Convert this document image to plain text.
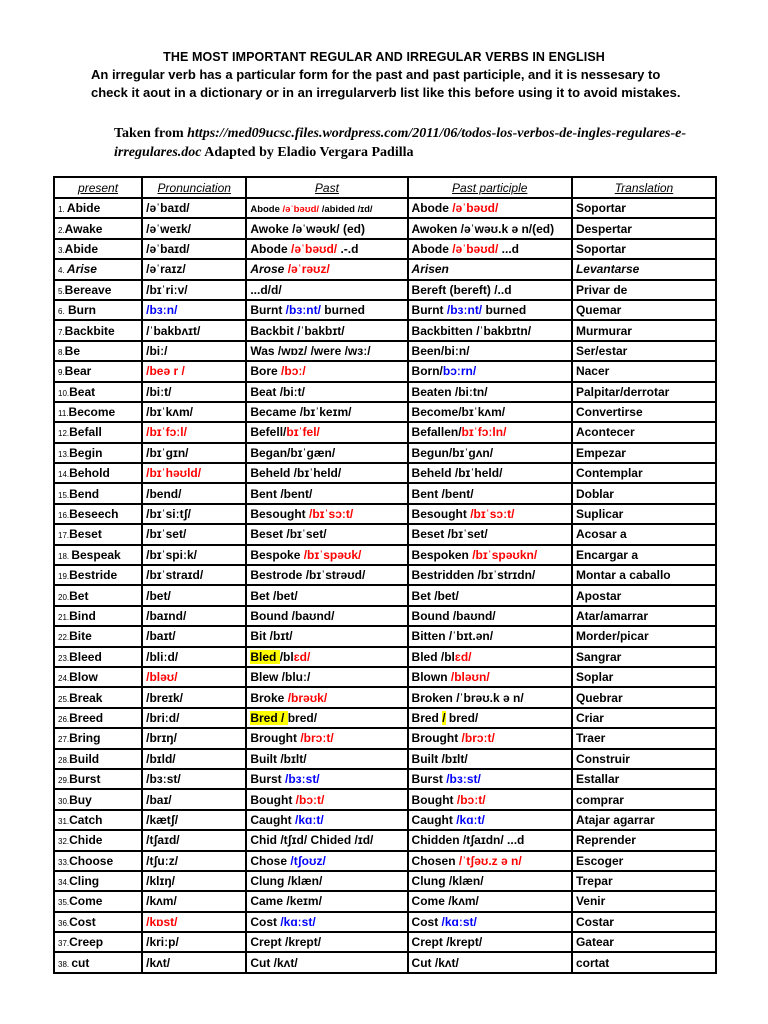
THE MOST IMPORTANT REGULAR AND IRREGULAR VERBS IN ENGLISH
An irregular verb has a particular form for the past and past participle, and it is nessesary to check it aout in a dictionary or in an irregularverb list like this before using it to avoid mistakes.
Taken from https://med09ucsc.files.wordpress.com/2011/06/todos-los-verbos-de-ingles-regulares-e-irregulares.doc Adapted by Eladio Vergara Padilla
present	Pronunciation	Past	Past participle	Translation
1. Abide	/əˈbaɪd/	Abode /əˈbəʊd/ /abided /ɪd/	Abode /əˈbəʊd/	Soportar
2.Awake	/əˈweɪk/	Awoke /əˈwəʊk/ (ed)	Awoken /əˈwəʊ.k ə n/(ed)	Despertar
3.Abide	/əˈbaɪd/	Abode /əˈbəʊd/ .-.d	Abode /əˈbəʊd/ ...d	Soportar
4. Arise	/əˈraɪz/	Arose /əˈrəʊz/	Arisen	Levantarse
5.Bereave	/bɪˈriːv/	...d/d/	Bereft (bereft) /..d	Privar de
6. Burn	/bɜːn/	Burnt /bɜːnt/ burned	Burnt /bɜːnt/ burned	Quemar
7.Backbite	/ˈbakbʌɪt/	Backbit /ˈbakbɪt/	Backbitten /ˈbakbɪtn/	Murmurar
8.Be	/biː/	Was /wɒz/ /were /wɜː/	Been/biːn/	Ser/estar
9.Bear	/beə r /	Bore /bɔː/	Born/bɔːrn/	Nacer
10.Beat	/biːt/	Beat /biːt/	Beaten /biːtn/	Palpitar/derrotar
11.Become	/bɪˈkʌm/	Became /bɪˈkeɪm/	Become/bɪˈkʌm/	Convertirse
12.Befall	/bɪˈfɔːl/	Befell/bɪˈfel/	Befallen/bɪˈfɔːln/	Acontecer
13.Begin	/bɪˈɡɪn/	Began/bɪˈɡæn/	Begun/bɪˈɡʌn/	Empezar
14.Behold	/bɪˈhəʊld/	Beheld /bɪˈheld/	Beheld /bɪˈheld/	Contemplar
15.Bend	/bend/	Bent /bent/	Bent /bent/	Doblar
16.Beseech	/bɪˈsiːtʃ/	Besought /bɪˈsɔːt/	Besought /bɪˈsɔːt/	Suplicar
17.Beset	/bɪˈset/	Beset /bɪˈset/	Beset /bɪˈset/	Acosar a
18. Bespeak	/bɪˈspiːk/	Bespoke /bɪˈspəʊk/	Bespoken /bɪˈspəʊkn/	Encargar a
19.Bestride	/bɪˈstraɪd/	Bestrode /bɪˈstrəʊd/	Bestridden /bɪˈstrɪdn/	Montar a caballo
20.Bet	/bet/	Bet /bet/	Bet /bet/	Apostar
21.Bind	/baɪnd/	Bound /baʊnd/	Bound /baʊnd/	Atar/amarrar
22.Bite	/baɪt/	Bit /bɪt/	Bitten /ˈbɪt.ən/	Morder/picar
23.Bleed	/bliːd/	Bled /blɛd/	Bled /blɛd/	Sangrar
24.Blow	/bləʊ/	Blew /bluː/	Blown /bləʊn/	Soplar
25.Break	/breɪk/	Broke /brəʊk/	Broken /ˈbrəʊ.k ə n/	Quebrar
26.Breed	/briːd/	Bred / bred/	Bred / bred/	Criar
27.Bring	/brɪŋ/	Brought /brɔːt/	Brought /brɔːt/	Traer
28.Build	/bɪld/	Built /bɪlt/	Built /bɪlt/	Construir
29.Burst	/bɜːst/	Burst /bɜːst/	Burst /bɜːst/	Estallar
30.Buy	/baɪ/	Bought /bɔːt/	Bought /bɔːt/	comprar
31.Catch	/kætʃ/	Caught /kɑːt/	Caught /kɑːt/	Atajar agarrar
32.Chide	/tʃaɪd/	Chid /tʃɪd/ Chided /ɪd/	Chidden /tʃaɪdn/ ...d	Reprender
33.Choose	/tʃuːz/	Chose /tʃoʊz/	Chosen /ˈtʃəʊ.z ə n/	Escoger
34.Cling	/klɪŋ/	Clung /klæn/	Clung /klæn/	Trepar
35.Come	/kʌm/	Came /keɪm/	Come /kʌm/	Venir
36.Cost	/kɒst/	Cost /kɑːst/	Cost /kɑːst/	Costar
37.Creep	/kriːp/	Crept /krept/	Crept /krept/	Gatear
38. cut	/kʌt/	Cut /kʌt/	Cut /kʌt/	cortat
